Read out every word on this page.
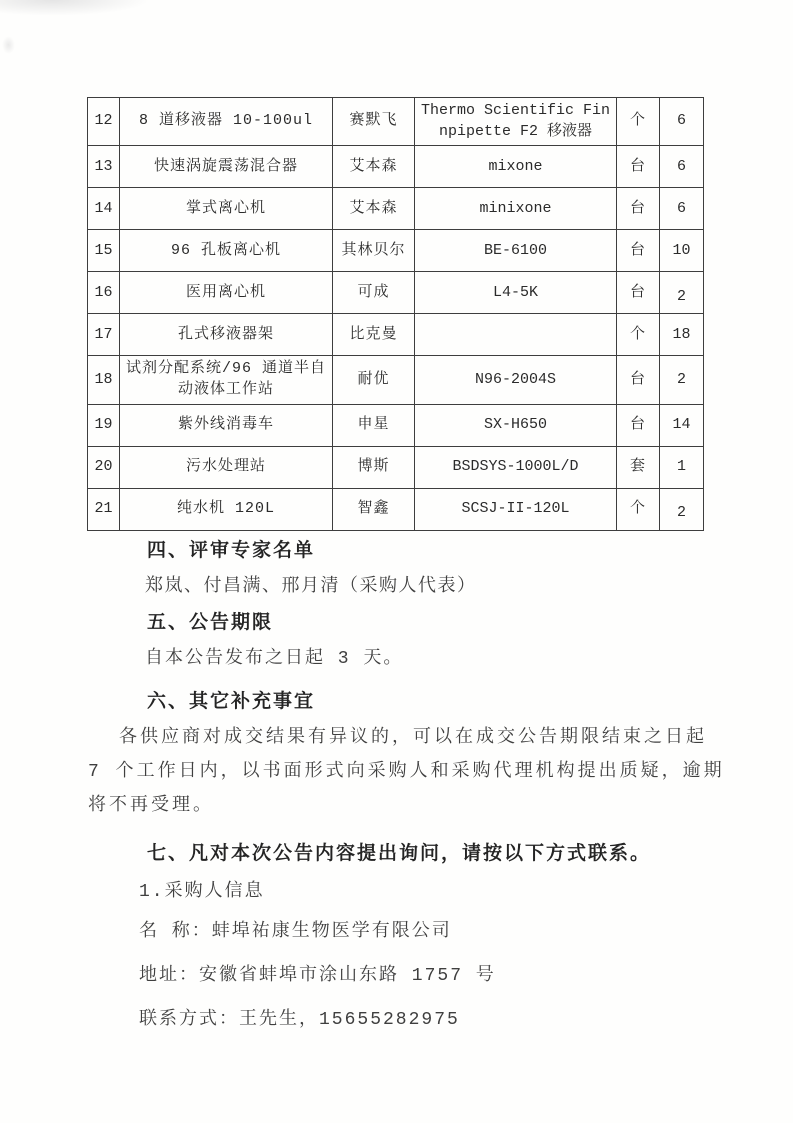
12	8 道移液器 10-100ul	赛默飞	Thermo Scientific Finnpipette F2 移液器	个	6
13	快速涡旋震荡混合器	艾本森	mixone	台	6
14	掌式离心机	艾本森	minixone	台	6
15	96 孔板离心机	其林贝尔	BE-6100	台	10
16	医用离心机	可成	L4-5K	台	2
17	孔式移液器架	比克曼		个	18
18	试剂分配系统/96 通道半自动液体工作站	耐优	N96-2004S	台	2
19	紫外线消毒车	申星	SX-H650	台	14
20	污水处理站	博斯	BSDSYS-1000L/D	套	1
21	纯水机 120L	智鑫	SCSJ-II-120L	个	2
四、评审专家名单
郑岚、付昌满、邢月清（采购人代表）
五、公告期限
自本公告发布之日起 3 天。
六、其它补充事宜
各供应商对成交结果有异议的，可以在成交公告期限结束之日起
7 个工作日内，以书面形式向采购人和采购代理机构提出质疑，逾期
将不再受理。
七、凡对本次公告内容提出询问，请按以下方式联系。
1.采购人信息
名 称：蚌埠祐康生物医学有限公司
地址：安徽省蚌埠市涂山东路 1757 号
联系方式：王先生，15655282975
